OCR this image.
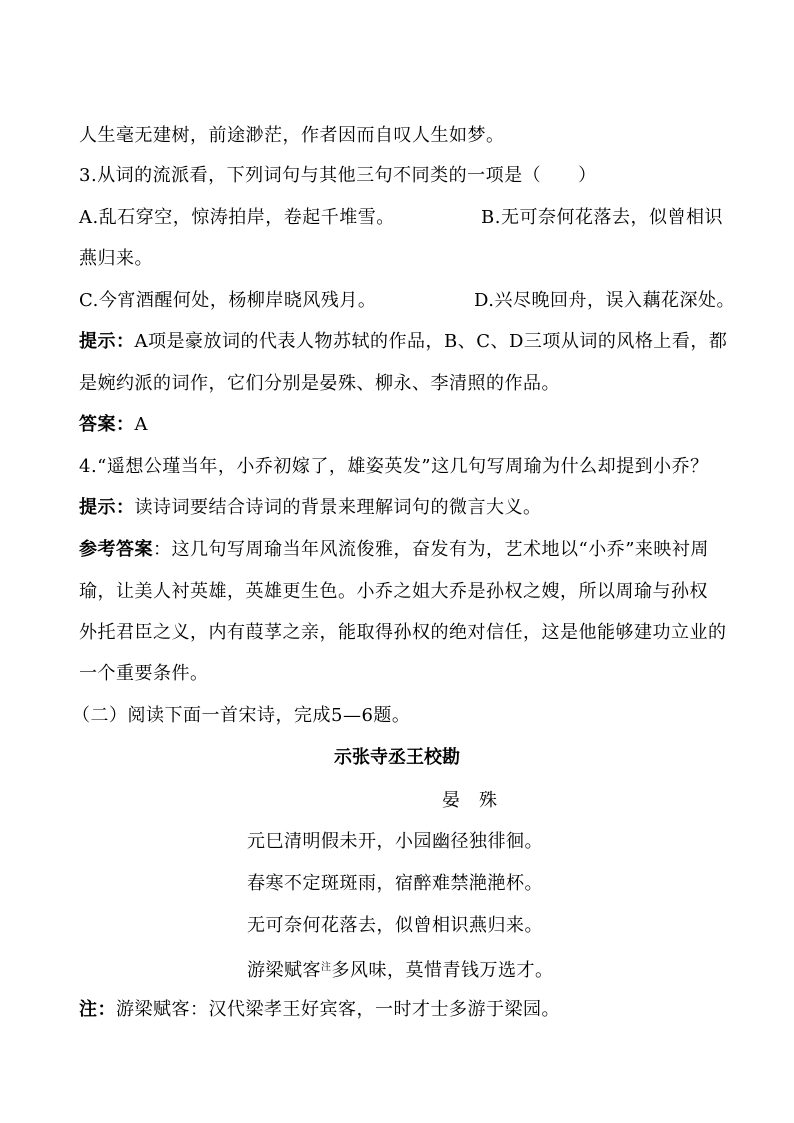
人生毫无建树，前途渺茫，作者因而自叹人生如梦。
3.从词的流派看，下列词句与其他三句不同类的一项是（　　）
A.乱石穿空，惊涛拍岸，卷起千堆雪。	B.无可奈何花落去，似曾相识
燕归来。
C.今宵酒醒何处，杨柳岸晓风残月。	D.兴尽晚回舟，误入藕花深处。
提示：A项是豪放词的代表人物苏轼的作品，B、C、D三项从词的风格上看，都
是婉约派的词作，它们分别是晏殊、柳永、李清照的作品。
答案：A
4.“遥想公瑾当年，小乔初嫁了，雄姿英发”这几句写周瑜为什么却提到小乔？
提示：读诗词要结合诗词的背景来理解词句的微言大义。
参考答案：这几句写周瑜当年风流俊雅，奋发有为，艺术地以“小乔”来映衬周
瑜，让美人衬英雄，英雄更生色。小乔之姐大乔是孙权之嫂，所以周瑜与孙权
外托君臣之义，内有葭莩之亲，能取得孙权的绝对信任，这是他能够建功立业的
一个重要条件。
（二）阅读下面一首宋诗，完成5—6题。
示张寺丞王校勘
晏　殊
元巳清明假未开，小园幽径独徘徊。
春寒不定斑斑雨，宿醉难禁滟滟杯。
无可奈何花落去，似曾相识燕归来。
游梁赋客$^注$多风味，莫惜青钱万选才。
注：游梁赋客：汉代梁孝王好宾客，一时才士多游于梁园。
